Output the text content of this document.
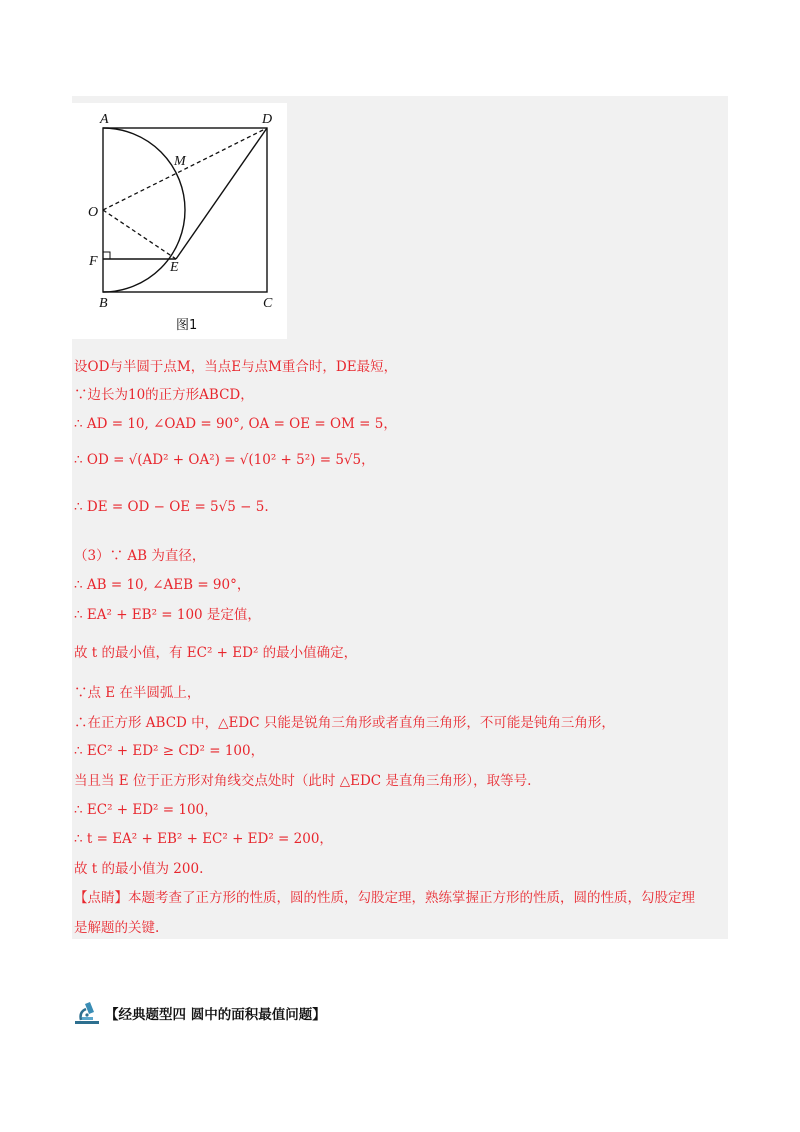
A	D
M
O
F	E
B	C
图1
设OD与半圆于点M，当点E与点M重合时，DE最短，
∵边长为10的正方形ABCD，
∴ AD = 10, ∠OAD = 90°, OA = OE = OM = 5，
∴ OD = √(AD² + OA²) = √(10² + 5²) = 5√5，
∴ DE = OD − OE = 5√5 − 5.
（3）∵ AB 为直径，
∴ AB = 10, ∠AEB = 90°，
∴ EA² + EB² = 100 是定值，
故 t 的最小值，有 EC² + ED² 的最小值确定，
∵点 E 在半圆弧上，
∴在正方形 ABCD 中，△EDC 只能是锐角三角形或者直角三角形，不可能是钝角三角形，
∴ EC² + ED² ≥ CD² = 100，
当且当 E 位于正方形对角线交点处时（此时 △EDC 是直角三角形），取等号.
∴ EC² + ED² = 100，
∴ t = EA² + EB² + EC² + ED² = 200，
故 t 的最小值为 200.
【点睛】本题考查了正方形的性质，圆的性质，勾股定理，熟练掌握正方形的性质，圆的性质，勾股定理
是解题的关键.
【经典题型四 圆中的面积最值问题】
